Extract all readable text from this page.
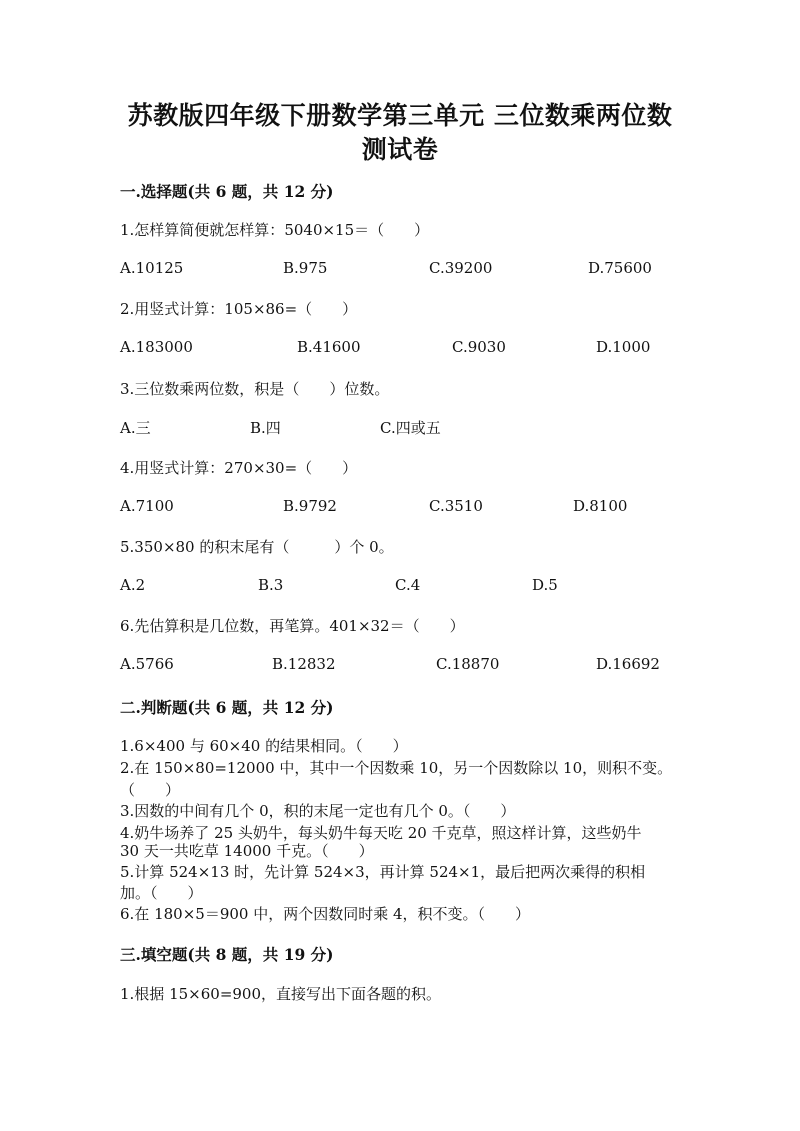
苏教版四年级下册数学第三单元 三位数乘两位数
测试卷
一.选择题(共 6 题，共 12 分)
1.怎样算简便就怎样算：5040×15＝（　　）
A.10125	B.975	C.39200	D.75600
2.用竖式计算：105×86=（　　）
A.183000	B.41600	C.9030	D.1000
3.三位数乘两位数，积是（　　）位数。
A.三	B.四	C.四或五
4.用竖式计算：270×30=（　　）
A.7100	B.9792	C.3510	D.8100
5.350×80 的积末尾有（　　　）个 0。
A.2	B.3	C.4	D.5
6.先估算积是几位数，再笔算。401×32＝（　　）
A.5766	B.12832	C.18870	D.16692
二.判断题(共 6 题，共 12 分)
1.6×400 与 60×40 的结果相同。（　　）
2.在 150×80=12000 中，其中一个因数乘 10，另一个因数除以 10，则积不变。
（　　）
3.因数的中间有几个 0，积的末尾一定也有几个 0。（　　）
4.奶牛场养了 25 头奶牛，每头奶牛每天吃 20 千克草，照这样计算，这些奶牛
30 天一共吃草 14000 千克。（　　）
5.计算 524×13 时，先计算 524×3，再计算 524×1，最后把两次乘得的积相
加。（　　）
6.在 180×5＝900 中，两个因数同时乘 4，积不变。（　　）
三.填空题(共 8 题，共 19 分)
1.根据 15×60=900，直接写出下面各题的积。
